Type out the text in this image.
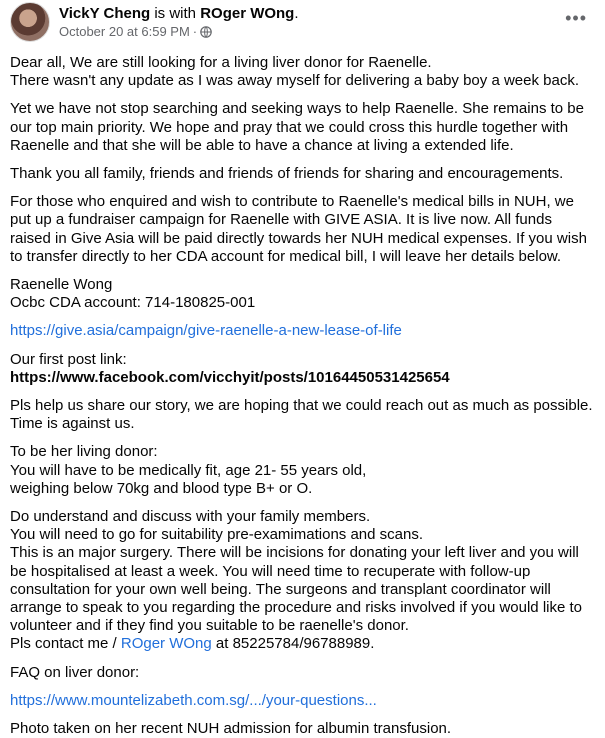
VickY Cheng is with ROger WOng.
October 20 at 6:59 PM ·
•••

Dear all, We are still looking for a living liver donor for Raenelle.
There wasn't any update as I was away myself for delivering a baby boy a week back.

Yet we have not stop searching and seeking ways to help Raenelle. She remains to be our top main priority. We hope and pray that we could cross this hurdle together with Raenelle and that she will be able to have a chance at living a extended life.

Thank you all family, friends and friends of friends for sharing and encouragements.

For those who enquired and wish to contribute to Raenelle's medical bills in NUH, we put up a fundraiser campaign for Raenelle with GIVE ASIA. It is live now. All funds raised in Give Asia will be paid directly towards her NUH medical expenses. If you wish to transfer directly to her CDA account for medical bill, I will leave her details below.

Raenelle Wong
Ocbc CDA account: 714-180825-001

https://give.asia/campaign/give-raenelle-a-new-lease-of-life

Our first post link:
https://www.facebook.com/vicchyit/posts/10164450531425654

Pls help us share our story, we are hoping that we could reach out as much as possible. Time is against us.

To be her living donor:
You will have to be medically fit, age 21- 55 years old,
weighing below 70kg and blood type B+ or O.

Do understand and discuss with your family members.
You will need to go for suitability pre-examimations and scans.
This is an major surgery. There will be incisions for donating your left liver and you will be hospitalised at least a week. You will need time to recuperate with follow-up consultation for your own well being. The surgeons and transplant coordinator will arrange to speak to you regarding the procedure and risks involved if you would like to volunteer and if they find you suitable to be raenelle's donor.
Pls contact me / ROger WOng at 85225784/96788989.

FAQ on liver donor:

https://www.mountelizabeth.com.sg/.../your-questions...

Photo taken on her recent NUH admission for albumin transfusion.
